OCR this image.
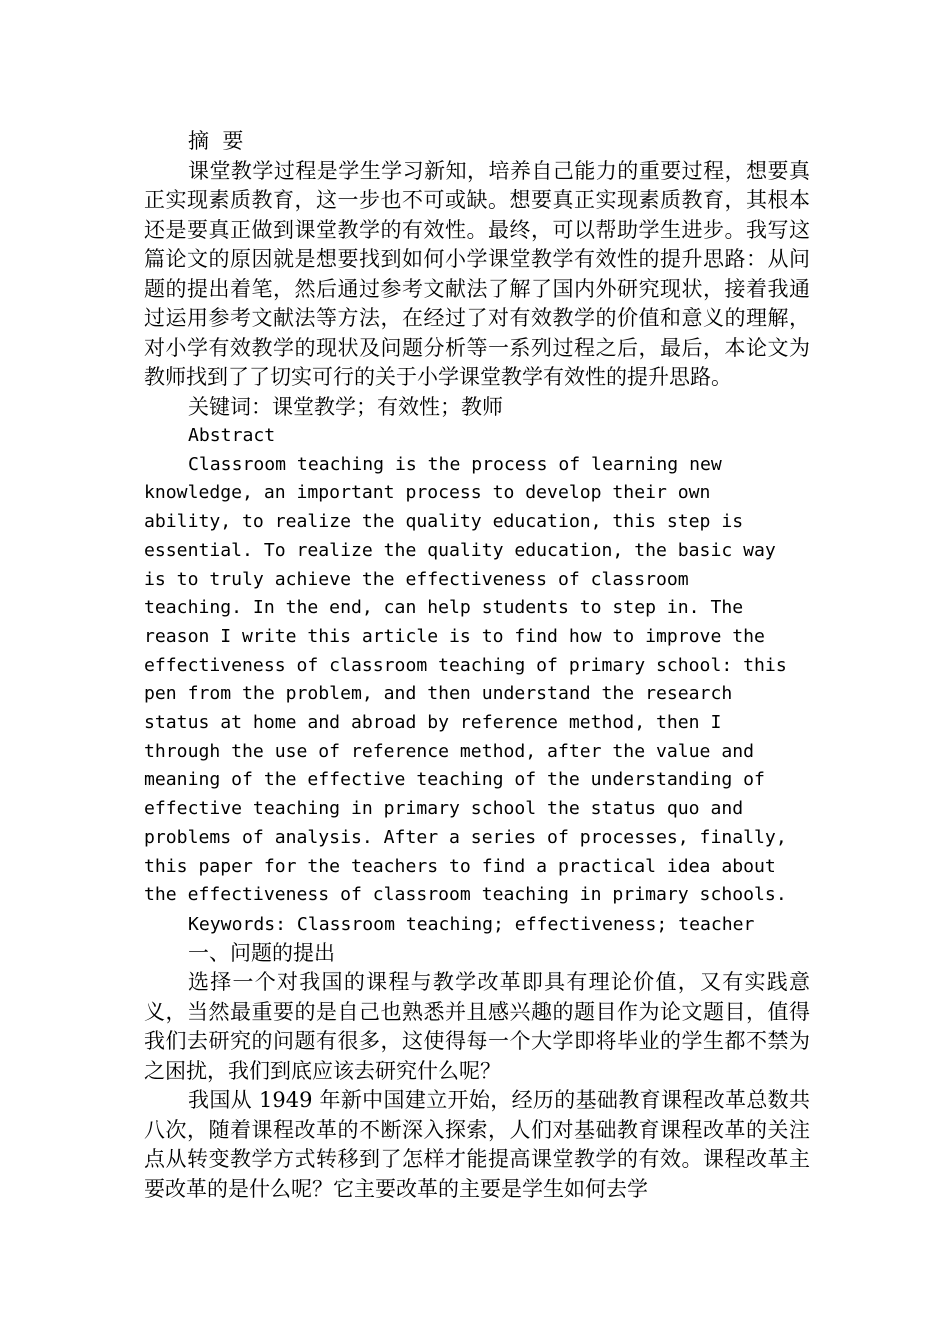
摘  要

课堂教学过程是学生学习新知，培养自己能力的重要过程，想要真正实现素质教育，这一步也不可或缺。想要真正实现素质教育，其根本还是要真正做到课堂教学的有效性。最终，可以帮助学生进步。我写这篇论文的原因就是想要找到如何小学课堂教学有效性的提升思路：从问题的提出着笔，然后通过参考文献法了解了国内外研究现状，接着我通过运用参考文献法等方法，在经过了对有效教学的价值和意义的理解，对小学有效教学的现状及问题分析等一系列过程之后，最后，本论文为教师找到了了切实可行的关于小学课堂教学有效性的提升思路。

关键词：课堂教学；有效性；教师

Abstract

Classroom teaching is the process of learning new

knowledge, an important process to develop their own

ability, to realize the quality education, this step is

essential. To realize the quality education, the basic way

is to truly achieve the effectiveness of classroom

teaching. In the end, can help students to step in. The

reason I write this article is to find how to improve the

effectiveness of classroom teaching of primary school: this

pen from the problem, and then understand the research

status at home and abroad by reference method, then I

through the use of reference method, after the value and

meaning of the effective teaching of the understanding of

effective teaching in primary school the status quo and

problems of analysis. After a series of processes, finally,

this paper for the teachers to find a practical idea about

the effectiveness of classroom teaching in primary schools.

Keywords: Classroom teaching; effectiveness; teacher

一、问题的提出

选择一个对我国的课程与教学改革即具有理论价值，又有实践意义，当然最重要的是自己也熟悉并且感兴趣的题目作为论文题目，值得我们去研究的问题有很多，这使得每一个大学即将毕业的学生都不禁为之困扰，我们到底应该去研究什么呢？

我国从 1949 年新中国建立开始，经历的基础教育课程改革总数共八次，随着课程改革的不断深入探索，人们对基础教育课程改革的关注点从转变教学方式转移到了怎样才能提高课堂教学的有效。课程改革主要改革的是什么呢？它主要改革的主要是学生如何去学
